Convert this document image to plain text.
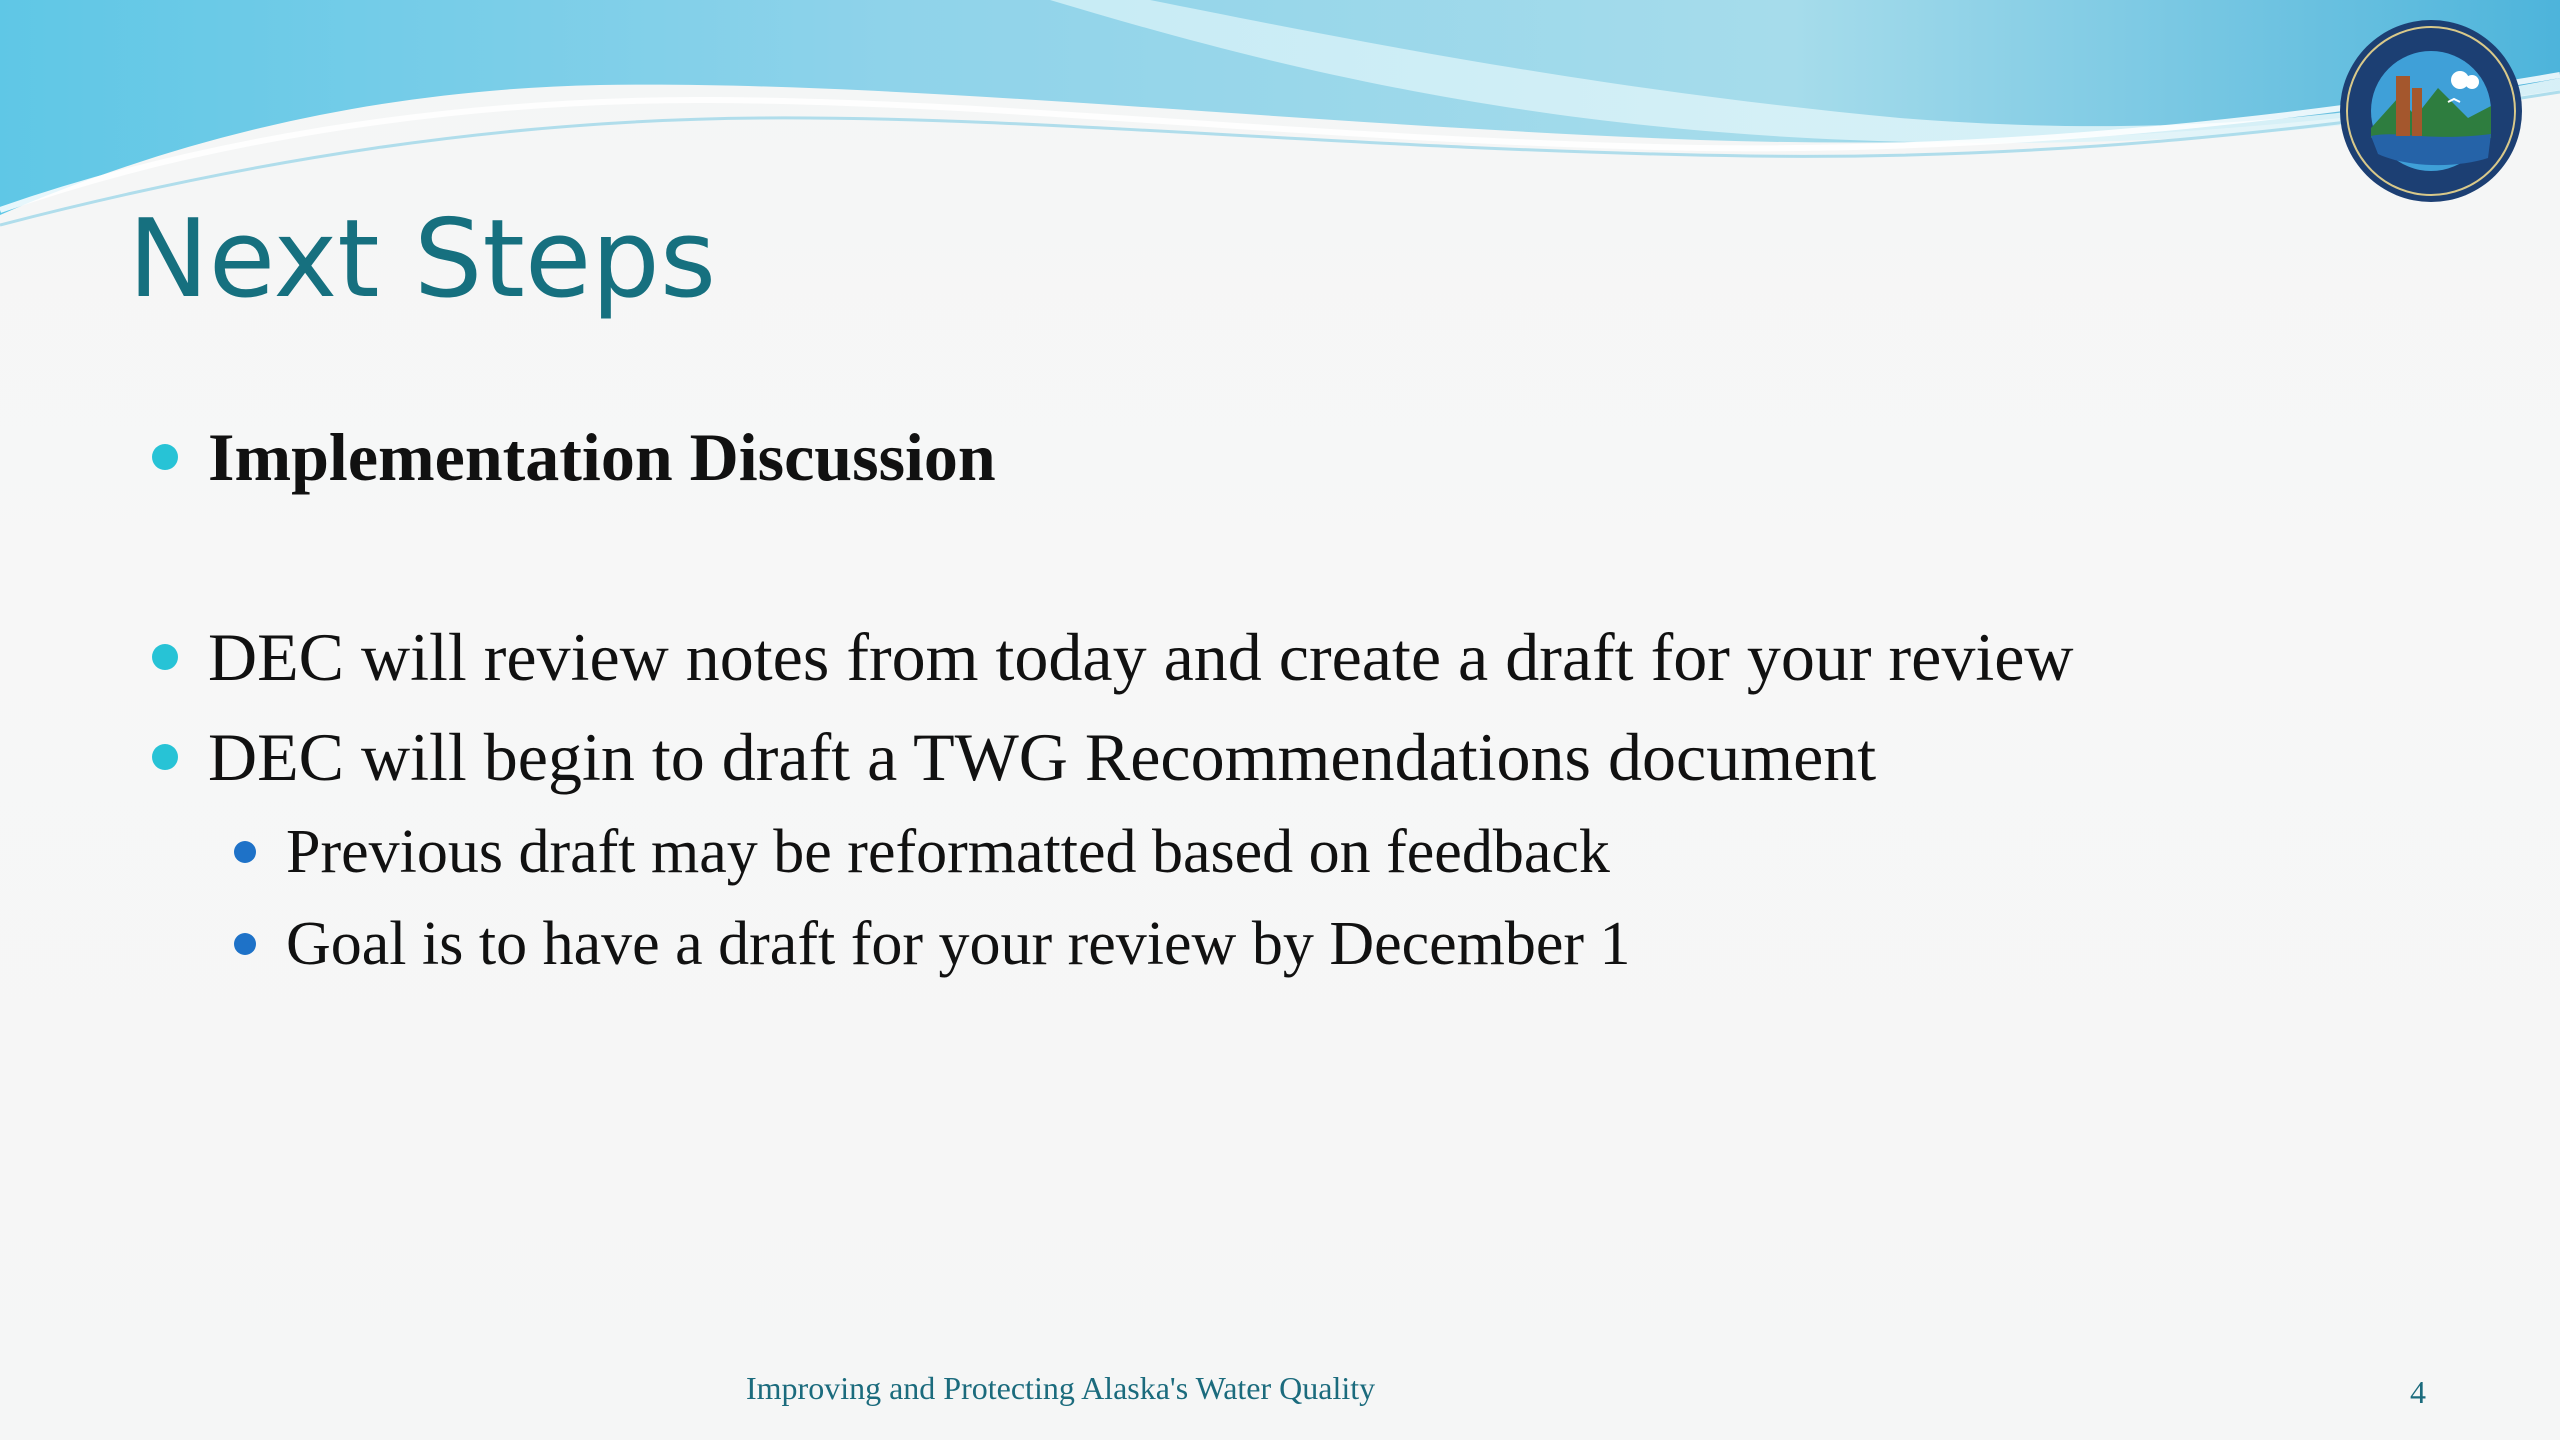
Next Steps
Implementation Discussion
DEC will review notes from today and create a draft for your review
DEC will begin to draft a TWG Recommendations document
Previous draft may be reformatted based on feedback
Goal is to have a draft for your review by December 1
Improving and Protecting Alaska's Water Quality	4
